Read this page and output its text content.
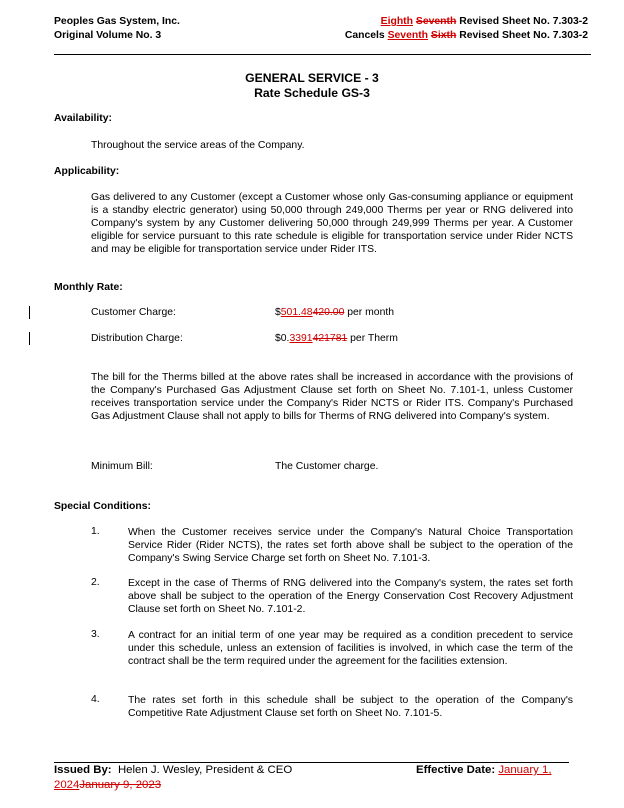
Peoples Gas System, Inc.
Original Volume No. 3
Eighth Seventh Revised Sheet No. 7.303-2
Cancels Seventh Sixth Revised Sheet No. 7.303-2
GENERAL SERVICE - 3
Rate Schedule GS-3
Availability:
Throughout the service areas of the Company.
Applicability:
Gas delivered to any Customer (except a Customer whose only Gas-consuming appliance or equipment is a standby electric generator) using 50,000 through 249,000 Therms per year or RNG delivered into Company's system by any Customer delivering 50,000 through 249,999 Therms per year. A Customer eligible for service pursuant to this rate schedule is eligible for transportation service under Rider NCTS and may be eligible for transportation service under Rider ITS.
Monthly Rate:
Customer Charge:	$501.48420.00 per month
Distribution Charge:	$0.3391421781 per Therm
The bill for the Therms billed at the above rates shall be increased in accordance with the provisions of the Company's Purchased Gas Adjustment Clause set forth on Sheet No. 7.101-1, unless Customer receives transportation service under the Company's Rider NCTS or Rider ITS. Company's Purchased Gas Adjustment Clause shall not apply to bills for Therms of RNG delivered into Company's system.
Minimum Bill:	The Customer charge.
Special Conditions:
1.	When the Customer receives service under the Company's Natural Choice Transportation Service Rider (Rider NCTS), the rates set forth above shall be subject to the operation of the Company's Swing Service Charge set forth on Sheet No. 7.101-3.
2.	Except in the case of Therms of RNG delivered into the Company's system, the rates set forth above shall be subject to the operation of the Energy Conservation Cost Recovery Adjustment Clause set forth on Sheet No. 7.101-2.
3.	A contract for an initial term of one year may be required as a condition precedent to service under this schedule, unless an extension of facilities is involved, in which case the term of the contract shall be the term required under the agreement for the facilities extension.
4.	The rates set forth in this schedule shall be subject to the operation of the Company's Competitive Rate Adjustment Clause set forth on Sheet No. 7.101-5.
Issued By:  Helen J. Wesley, President & CEO	Effective Date: January 1,
2024January 9, 2023
